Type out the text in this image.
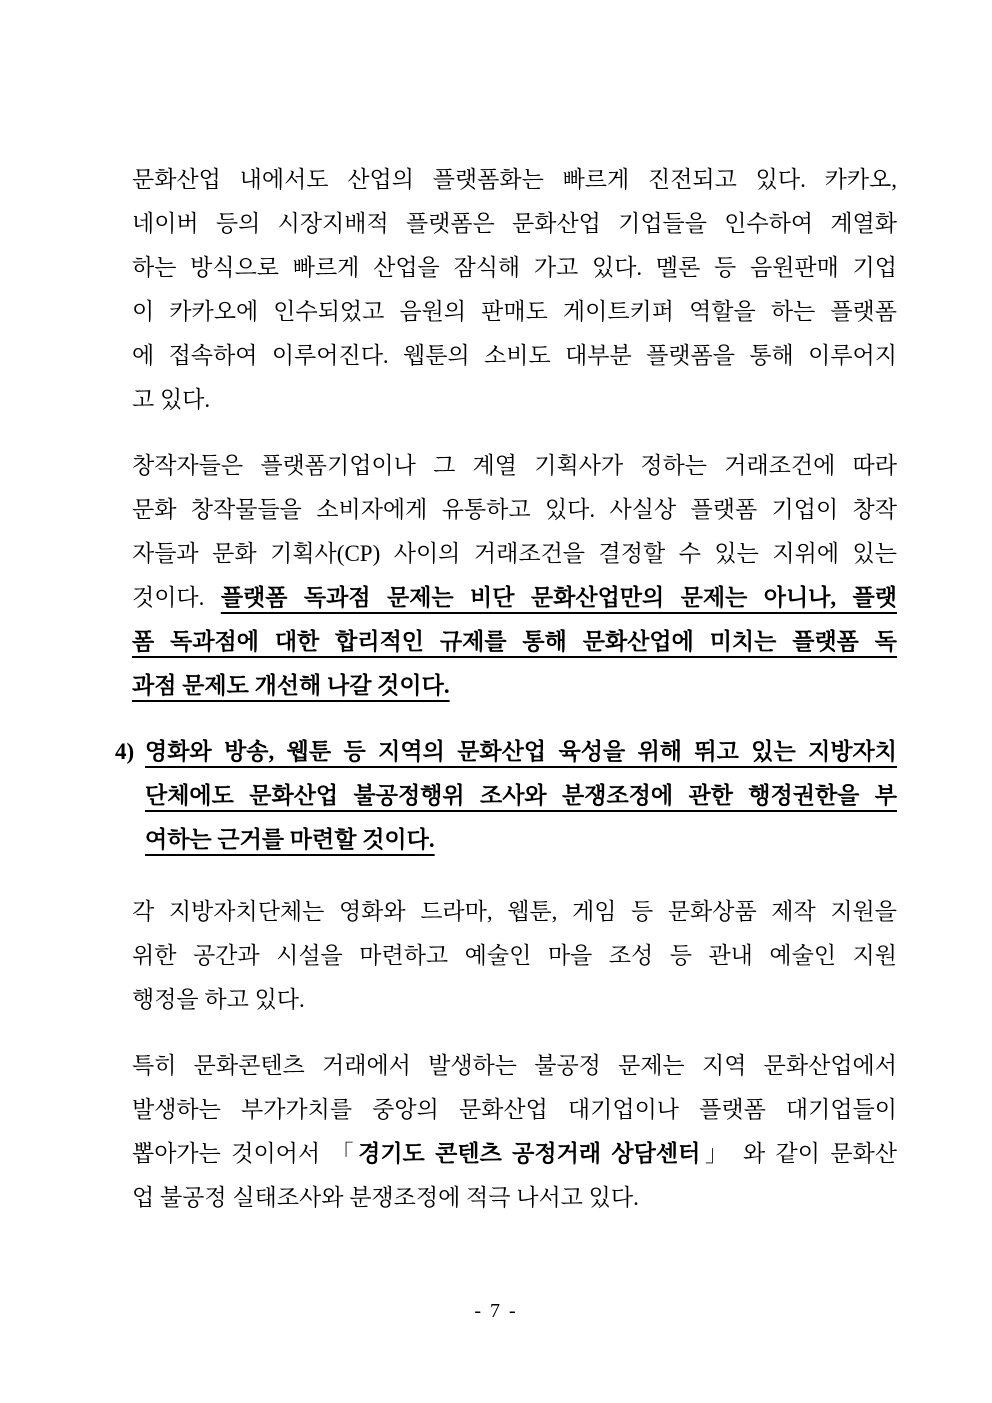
문화산업 내에서도 산업의 플랫폼화는 빠르게 진전되고 있다. 카카오,
네이버 등의 시장지배적 플랫폼은 문화산업 기업들을 인수하여 계열화
하는 방식으로 빠르게 산업을 잠식해 가고 있다. 멜론 등 음원판매 기업
이 카카오에 인수되었고 음원의 판매도 게이트키퍼 역할을 하는 플랫폼
에 접속하여 이루어진다. 웹툰의 소비도 대부분 플랫폼을 통해 이루어지
고 있다.
창작자들은 플랫폼기업이나 그 계열 기획사가 정하는 거래조건에 따라
문화 창작물들을 소비자에게 유통하고 있다. 사실상 플랫폼 기업이 창작
자들과 문화 기획사(CP) 사이의 거래조건을 결정할 수 있는 지위에 있는
것이다. 플랫폼 독과점 문제는 비단 문화산업만의 문제는 아니나, 플랫
폼 독과점에 대한 합리적인 규제를 통해 문화산업에 미치는 플랫폼 독
과점 문제도 개선해 나갈 것이다.
4) 영화와 방송, 웹툰 등 지역의 문화산업 육성을 위해 뛰고 있는 지방자치
단체에도 문화산업 불공정행위 조사와 분쟁조정에 관한 행정권한을 부
여하는 근거를 마련할 것이다.
각 지방자치단체는 영화와 드라마, 웹툰, 게임 등 문화상품 제작 지원을
위한 공간과 시설을 마련하고 예술인 마을 조성 등 관내 예술인 지원
행정을 하고 있다.
특히 문화콘텐츠 거래에서 발생하는 불공정 문제는 지역 문화산업에서
발생하는 부가가치를 중앙의 문화산업 대기업이나 플랫폼 대기업들이
뽑아가는 것이어서 「경기도 콘텐츠 공정거래 상담센터」 와 같이 문화산
업 불공정 실태조사와 분쟁조정에 적극 나서고 있다.
- 7 -
